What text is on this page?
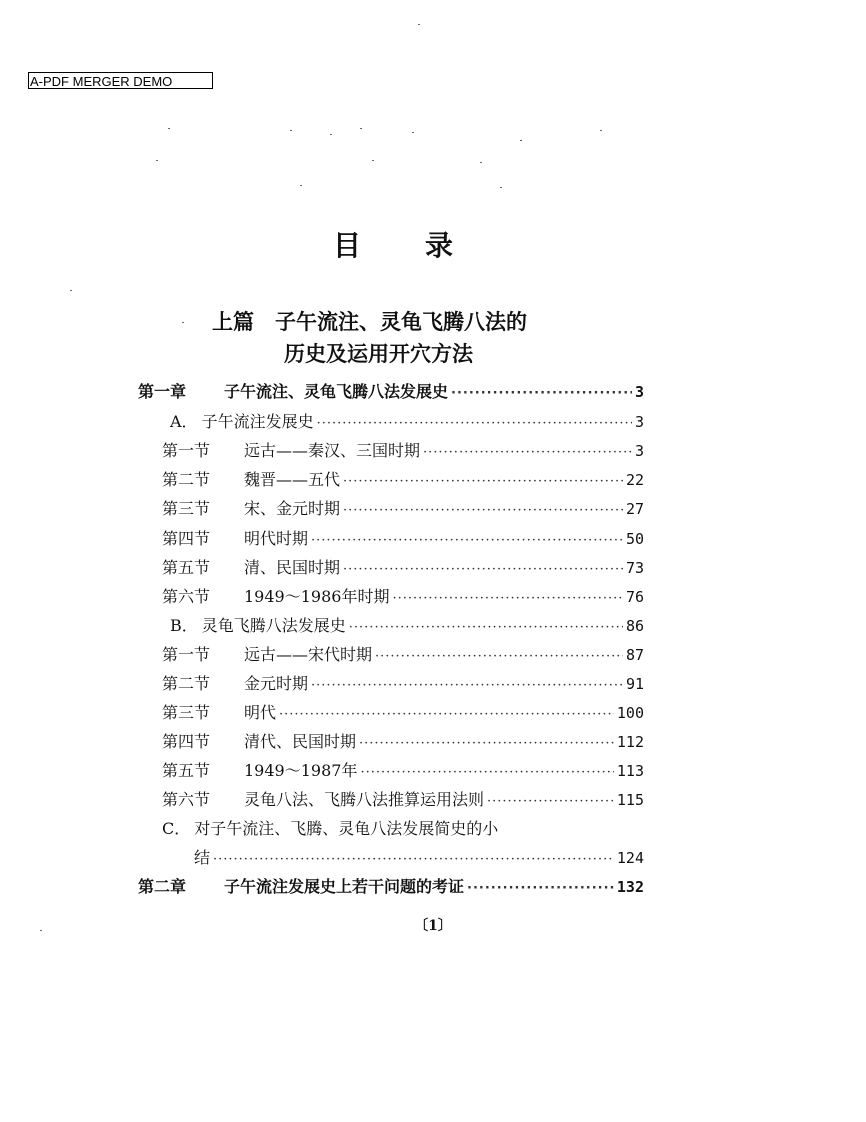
A-PDF MERGER DEMO
目 录
上篇　子午流注、灵龟飞腾八法的
历史及运用开穴方法
第一章	子午流注、灵龟飞腾八法发展史 ·····	3
A． 子午流注发展史 ·····	3
第一节	远古——秦汉、三国时期 ·····	3
第二节	魏晋——五代 ·····	22
第三节	宋、金元时期 ·····	27
第四节	明代时期 ·····	50
第五节	清、民国时期 ·····	73
第六节	1949～1986年时期 ·····	76
B． 灵龟飞腾八法发展史 ·····	86
第一节	远古——宋代时期 ·····	87
第二节	金元时期 ·····	91
第三节	明代 ·····	100
第四节	清代、民国时期 ·····	112
第五节	1949～1987年 ·····	113
第六节	灵龟八法、飞腾八法推算运用法则 ·····	115
C． 对子午流注、飞腾、灵龟八法发展简史的小
结 ·····	124
第二章	子午流注发展史上若干问题的考证 ·····	132
〔1〕
